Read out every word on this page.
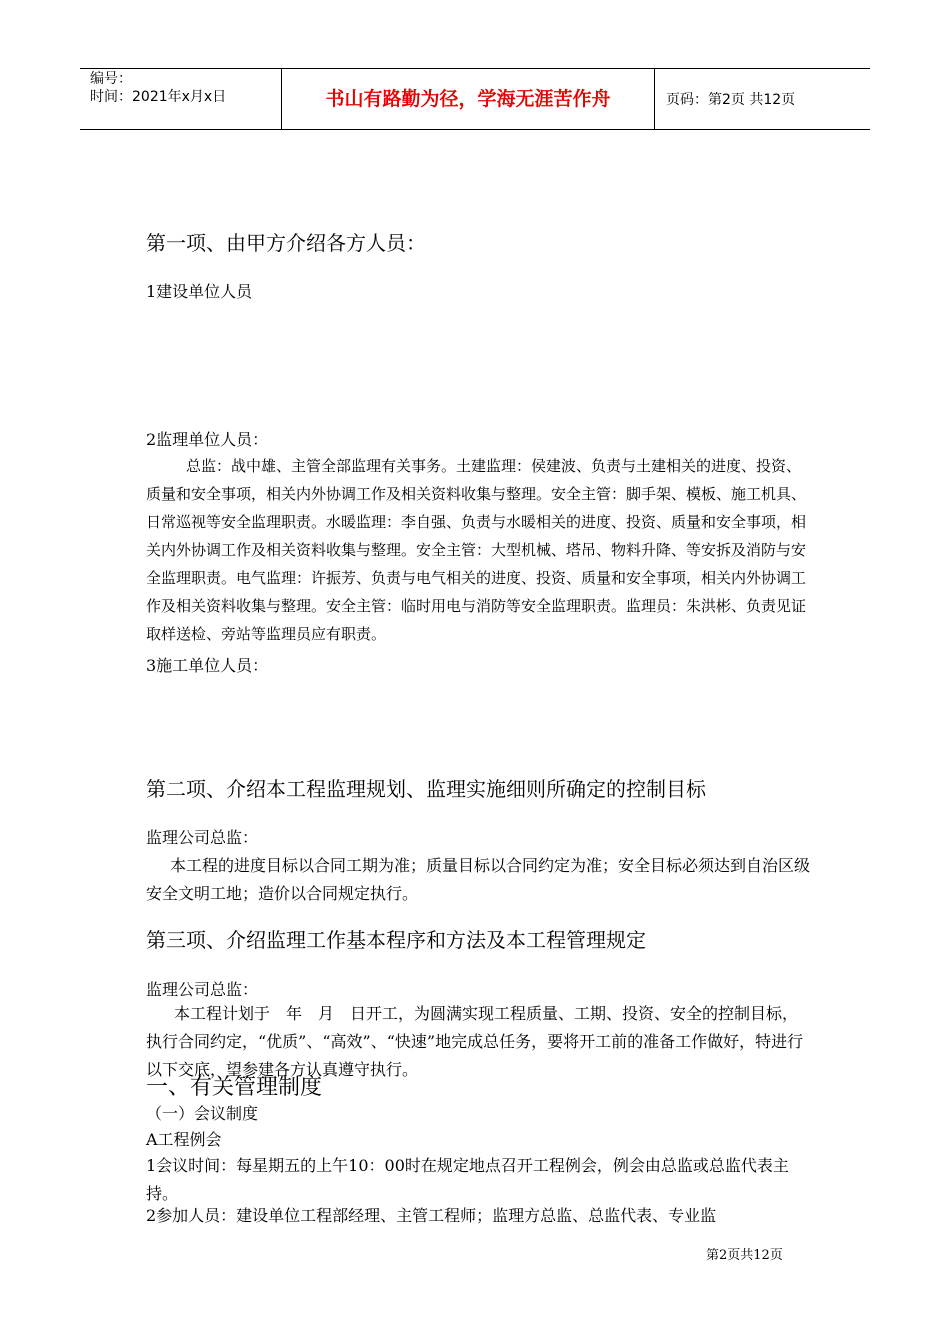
编号：
时间：2021年x月x日	书山有路勤为径，学海无涯苦作舟	页码：第2页 共12页
第一项、由甲方介绍各方人员：
1建设单位人员
2监理单位人员：
总监：战中雄、主管全部监理有关事务。土建监理：侯建波、负责与土建相关的进度、投资、质量和安全事项，相关内外协调工作及相关资料收集与整理。安全主管：脚手架、模板、施工机具、日常巡视等安全监理职责。水暖监理：李自强、负责与水暖相关的进度、投资、质量和安全事项，相关内外协调工作及相关资料收集与整理。安全主管：大型机械、塔吊、物料升降、等安拆及消防与安全监理职责。电气监理：许振芳、负责与电气相关的进度、投资、质量和安全事项，相关内外协调工作及相关资料收集与整理。安全主管：临时用电与消防等安全监理职责。监理员：朱洪彬、负责见证取样送检、旁站等监理员应有职责。
3施工单位人员：
第二项、介绍本工程监理规划、监理实施细则所确定的控制目标
监理公司总监：
本工程的进度目标以合同工期为准；质量目标以合同约定为准；安全目标必须达到自治区级安全文明工地；造价以合同规定执行。
第三项、介绍监理工作基本程序和方法及本工程管理规定
监理公司总监：
本工程计划于　年　月　日开工，为圆满实现工程质量、工期、投资、安全的控制目标，执行合同约定，“优质”、“高效”、“快速”地完成总任务，要将开工前的准备工作做好，特进行以下交底，望参建各方认真遵守执行。
一、有关管理制度
（一）会议制度
A工程例会
1会议时间：每星期五的上午10：00时在规定地点召开工程例会，例会由总监或总监代表主持。
2参加人员：建设单位工程部经理、主管工程师；监理方总监、总监代表、专业监
第2页共12页
